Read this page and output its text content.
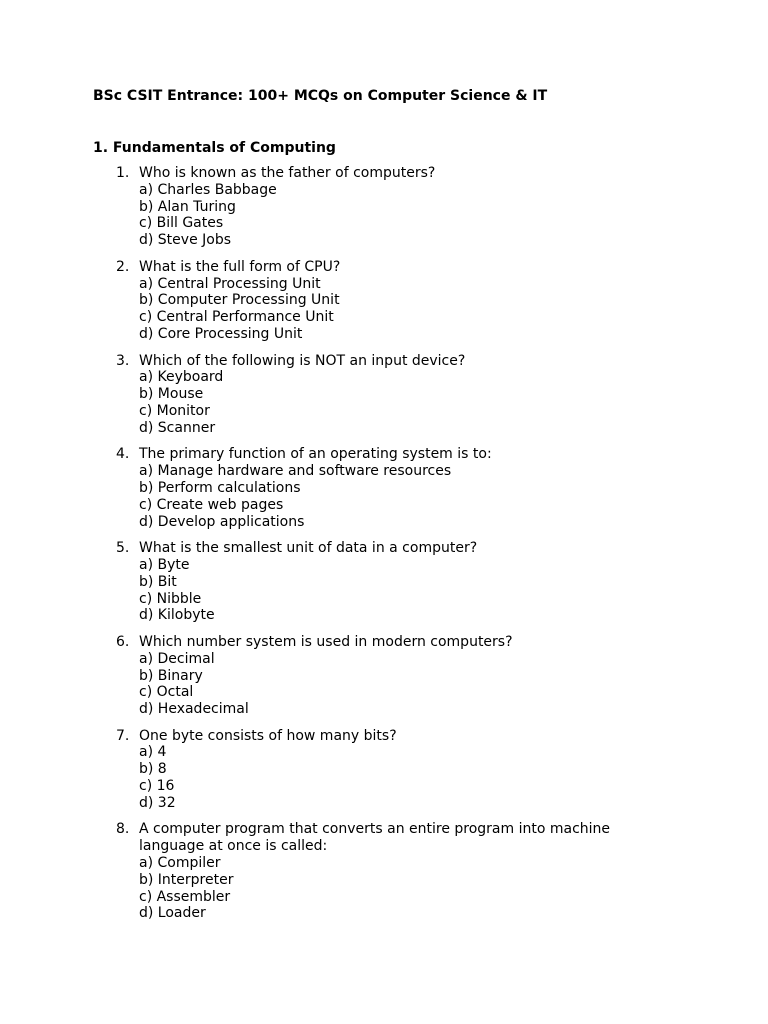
BSc CSIT Entrance: 100+ MCQs on Computer Science & IT
1. Fundamentals of Computing
1. Who is known as the father of computers?
a) Charles Babbage
b) Alan Turing
c) Bill Gates
d) Steve Jobs
2. What is the full form of CPU?
a) Central Processing Unit
b) Computer Processing Unit
c) Central Performance Unit
d) Core Processing Unit
3. Which of the following is NOT an input device?
a) Keyboard
b) Mouse
c) Monitor
d) Scanner
4. The primary function of an operating system is to:
a) Manage hardware and software resources
b) Perform calculations
c) Create web pages
d) Develop applications
5. What is the smallest unit of data in a computer?
a) Byte
b) Bit
c) Nibble
d) Kilobyte
6. Which number system is used in modern computers?
a) Decimal
b) Binary
c) Octal
d) Hexadecimal
7. One byte consists of how many bits?
a) 4
b) 8
c) 16
d) 32
8. A computer program that converts an entire program into machine
language at once is called:
a) Compiler
b) Interpreter
c) Assembler
d) Loader
